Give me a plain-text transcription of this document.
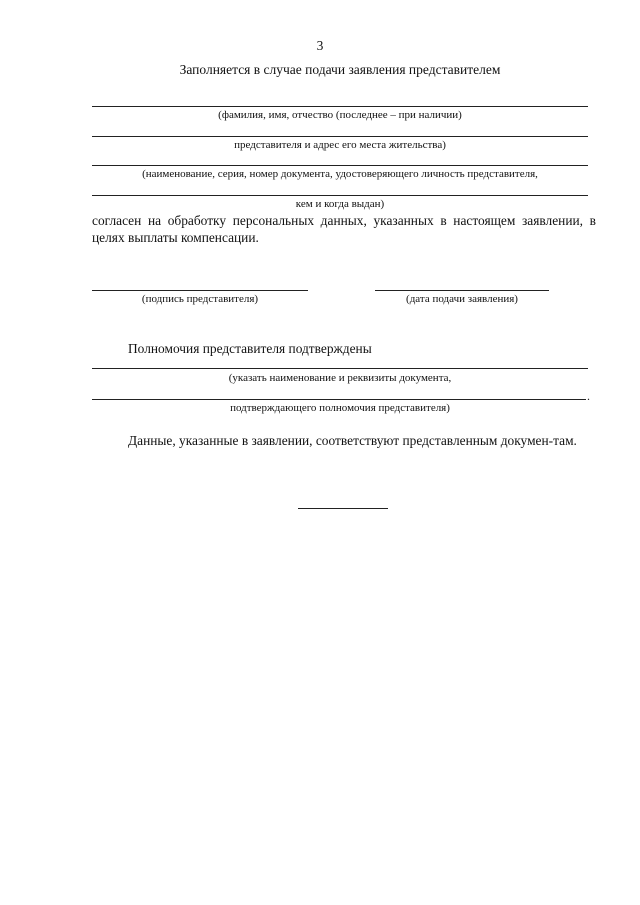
3
Заполняется в случае подачи заявления представителем
(фамилия, имя, отчество (последнее – при наличии)
представителя и адрес его места жительства)
(наименование, серия, номер документа, удостоверяющего личность представителя,
кем и когда выдан)
согласен на обработку персональных данных, указанных в настоящем заявлении, в целях выплаты компенсации.
(подпись представителя)	(дата подачи заявления)
Полномочия представителя подтверждены
(указать наименование и реквизиты документа,
.
подтверждающего полномочия представителя)
Данные, указанные в заявлении, соответствуют представленным докумен-там.
